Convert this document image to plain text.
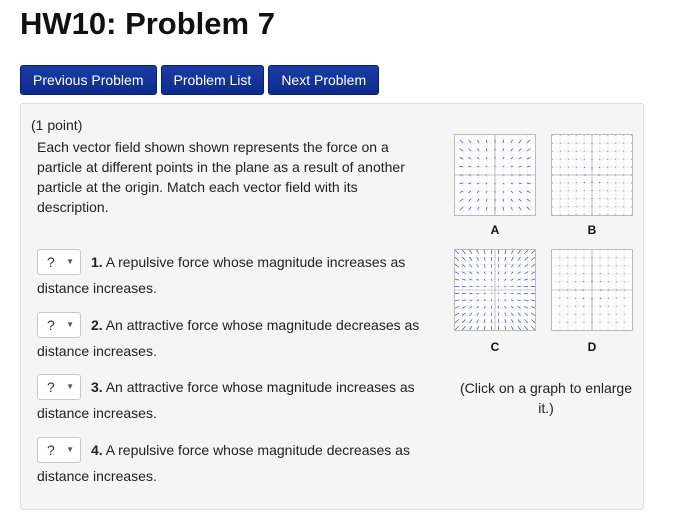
HW10: Problem 7
Previous Problem	Problem List	Next Problem
(1 point)
Each vector field shown shown represents the force on a particle at different points in the plane as a result of another particle at the origin. Match each vector field with its description.
? ▼ 1. A repulsive force whose magnitude increases as
distance increases.
? ▼ 2. An attractive force whose magnitude decreases as
distance increases.
? ▼ 3. An attractive force whose magnitude increases as
distance increases.
? ▼ 4. A repulsive force whose magnitude decreases as
distance increases.
A	B
C	D
(Click on a graph to enlarge it.)
